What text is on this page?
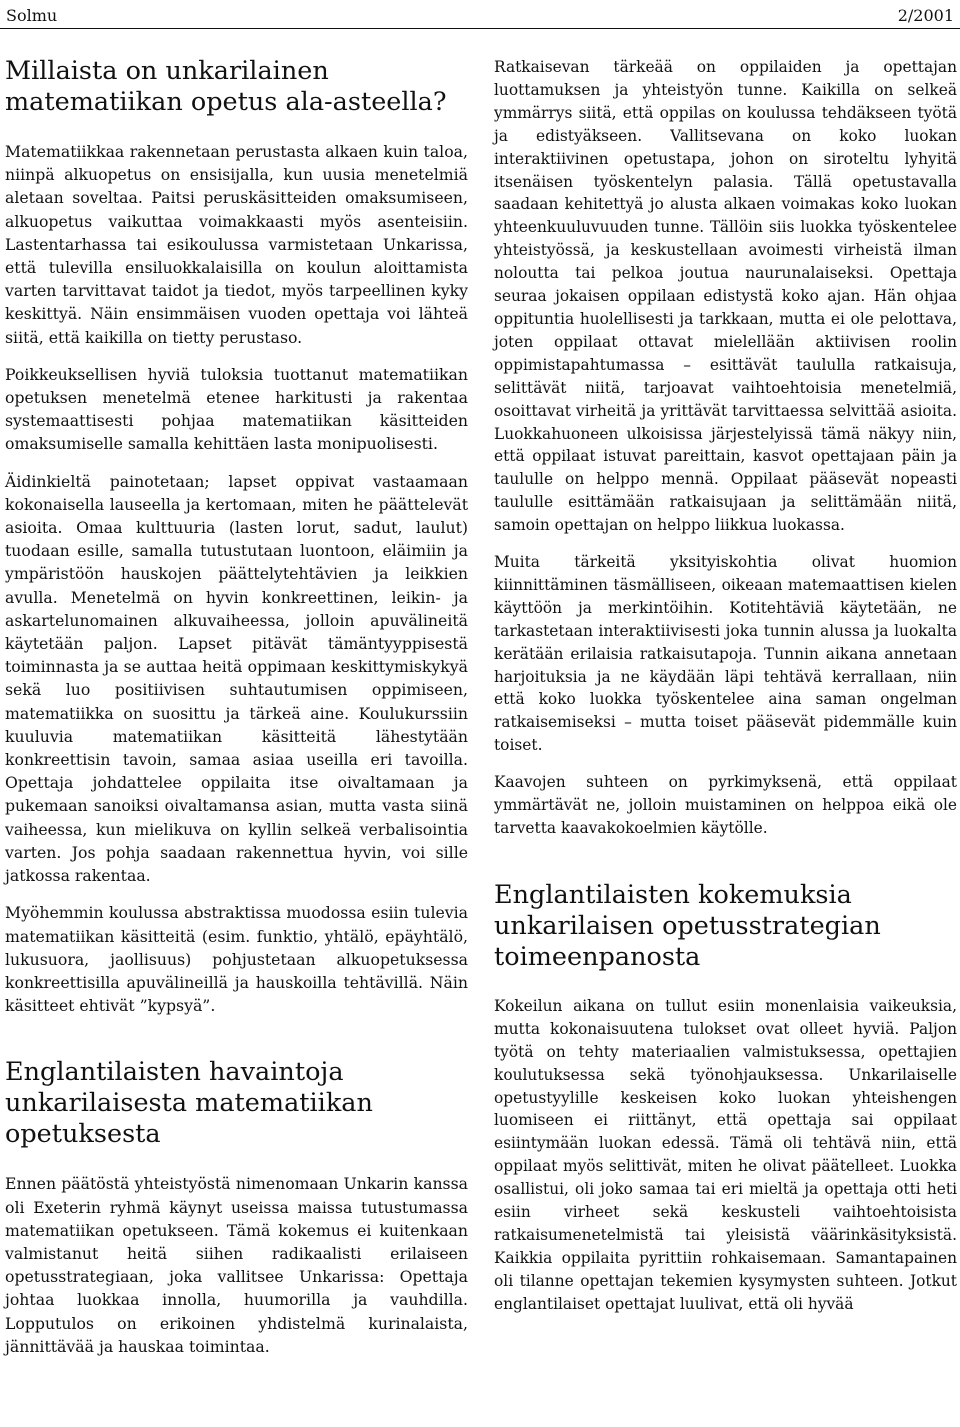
Solmu	2/2001
Millaista on unkarilainen matematiikan opetus ala-asteella?

Matematiikkaa rakennetaan perustasta alkaen kuin taloa, niinpä alkuopetus on ensisijalla, kun uusia menetelmiä aletaan soveltaa. Paitsi peruskäsitteiden omaksumiseen, alkuopetus vaikuttaa voimakkaasti myös asenteisiin. Lastentarhassa tai esikoulussa varmistetaan Unkarissa, että tulevilla ensiluokkalaisilla on koulun aloittamista varten tarvittavat taidot ja tiedot, myös tarpeellinen kyky keskittyä. Näin ensimmäisen vuoden opettaja voi lähteä siitä, että kaikilla on tietty perustaso.

Poikkeuksellisen hyviä tuloksia tuottanut matematiikan opetuksen menetelmä etenee harkitusti ja rakentaa systemaattisesti pohjaa matematiikan käsitteiden omaksumiselle samalla kehittäen lasta monipuolisesti.

Äidinkieltä painotetaan; lapset oppivat vastaamaan kokonaisella lauseella ja kertomaan, miten he päättelevät asioita. Omaa kulttuuria (lasten lorut, sadut, laulut) tuodaan esille, samalla tutustutaan luontoon, eläimiin ja ympäristöön hauskojen päättelytehtävien ja leikkien avulla. Menetelmä on hyvin konkreettinen, leikin- ja askartelunomainen alkuvaiheessa, jolloin apuvälineitä käytetään paljon. Lapset pitävät tämäntyyppisestä toiminnasta ja se auttaa heitä oppimaan keskittymiskykyä sekä luo positiivisen suhtautumisen oppimiseen, matematiikka on suosittu ja tärkeä aine. Koulukurssiin kuuluvia matematiikan käsitteitä lähestytään konkreettisin tavoin, samaa asiaa useilla eri tavoilla. Opettaja johdattelee oppilaita itse oivaltamaan ja pukemaan sanoiksi oivaltamansa asian, mutta vasta siinä vaiheessa, kun mielikuva on kyllin selkeä verbalisointia varten. Jos pohja saadaan rakennettua hyvin, voi sille jatkossa rakentaa.

Myöhemmin koulussa abstraktissa muodossa esiin tulevia matematiikan käsitteitä (esim. funktio, yhtälö, epäyhtälö, lukusuora, jaollisuus) pohjustetaan alkuopetuksessa konkreettisilla apuvälineillä ja hauskoilla tehtävillä. Näin käsitteet ehtivät ”kypsyä”.

Englantilaisten havaintoja unkarilaisesta matematiikan opetuksesta

Ennen päätöstä yhteistyöstä nimenomaan Unkarin kanssa oli Exeterin ryhmä käynyt useissa maissa tutustumassa matematiikan opetukseen. Tämä kokemus ei kuitenkaan valmistanut heitä siihen radikaalisti erilaiseen opetusstrategiaan, joka vallitsee Unkarissa: Opettaja johtaa luokkaa innolla, huumorilla ja vauhdilla. Lopputulos on erikoinen yhdistelmä kurinalaista, jännittävää ja hauskaa toimintaa.

Ratkaisevan tärkeää on oppilaiden ja opettajan luottamuksen ja yhteistyön tunne. Kaikilla on selkeä ymmärrys siitä, että oppilas on koulussa tehdäkseen työtä ja edistyäkseen. Vallitsevana on koko luokan interaktiivinen opetustapa, johon on siroteltu lyhyitä itsenäisen työskentelyn palasia. Tällä opetustavalla saadaan kehitettyä jo alusta alkaen voimakas koko luokan yhteenkuuluvuuden tunne. Tällöin siis luokka työskentelee yhteistyössä, ja keskustellaan avoimesti virheistä ilman noloutta tai pelkoa joutua naurunalaiseksi. Opettaja seuraa jokaisen oppilaan edistystä koko ajan. Hän ohjaa oppituntia huolellisesti ja tarkkaan, mutta ei ole pelottava, joten oppilaat ottavat mielellään aktiivisen roolin oppimistapahtumassa – esittävät taululla ratkaisuja, selittävät niitä, tarjoavat vaihtoehtoisia menetelmiä, osoittavat virheitä ja yrittävät tarvittaessa selvittää asioita. Luokkahuoneen ulkoisissa järjestelyissä tämä näkyy niin, että oppilaat istuvat pareittain, kasvot opettajaan päin ja taululle on helppo mennä. Oppilaat pääsevät nopeasti taululle esittämään ratkaisujaan ja selittämään niitä, samoin opettajan on helppo liikkua luokassa.

Muita tärkeitä yksityiskohtia olivat huomion kiinnittäminen täsmälliseen, oikeaan matemaattisen kielen käyttöön ja merkintöihin. Kotitehtäviä käytetään, ne tarkastetaan interaktiivisesti joka tunnin alussa ja luokalta kerätään erilaisia ratkaisutapoja. Tunnin aikana annetaan harjoituksia ja ne käydään läpi tehtävä kerrallaan, niin että koko luokka työskentelee aina saman ongelman ratkaisemiseksi – mutta toiset pääsevät pidemmälle kuin toiset.

Kaavojen suhteen on pyrkimyksenä, että oppilaat ymmärtävät ne, jolloin muistaminen on helppoa eikä ole tarvetta kaavakokoelmien käytölle.

Englantilaisten kokemuksia unkarilaisen opetusstrategian toimeenpanosta

Kokeilun aikana on tullut esiin monenlaisia vaikeuksia, mutta kokonaisuutena tulokset ovat olleet hyviä. Paljon työtä on tehty materiaalien valmistuksessa, opettajien koulutuksessa sekä työnohjauksessa. Unkarilaiselle opetustyylille keskeisen koko luokan yhteishengen luomiseen ei riittänyt, että opettaja sai oppilaat esiintymään luokan edessä. Tämä oli tehtävä niin, että oppilaat myös selittivät, miten he olivat päätelleet. Luokka osallistui, oli joko samaa tai eri mieltä ja opettaja otti heti esiin virheet sekä keskusteli vaihtoehtoisista ratkaisumenetelmistä tai yleisistä väärinkäsityksistä. Kaikkia oppilaita pyrittiin rohkaisemaan. Samantapainen oli tilanne opettajan tekemien kysymysten suhteen. Jotkut englantilaiset opettajat luulivat, että oli hyvää
